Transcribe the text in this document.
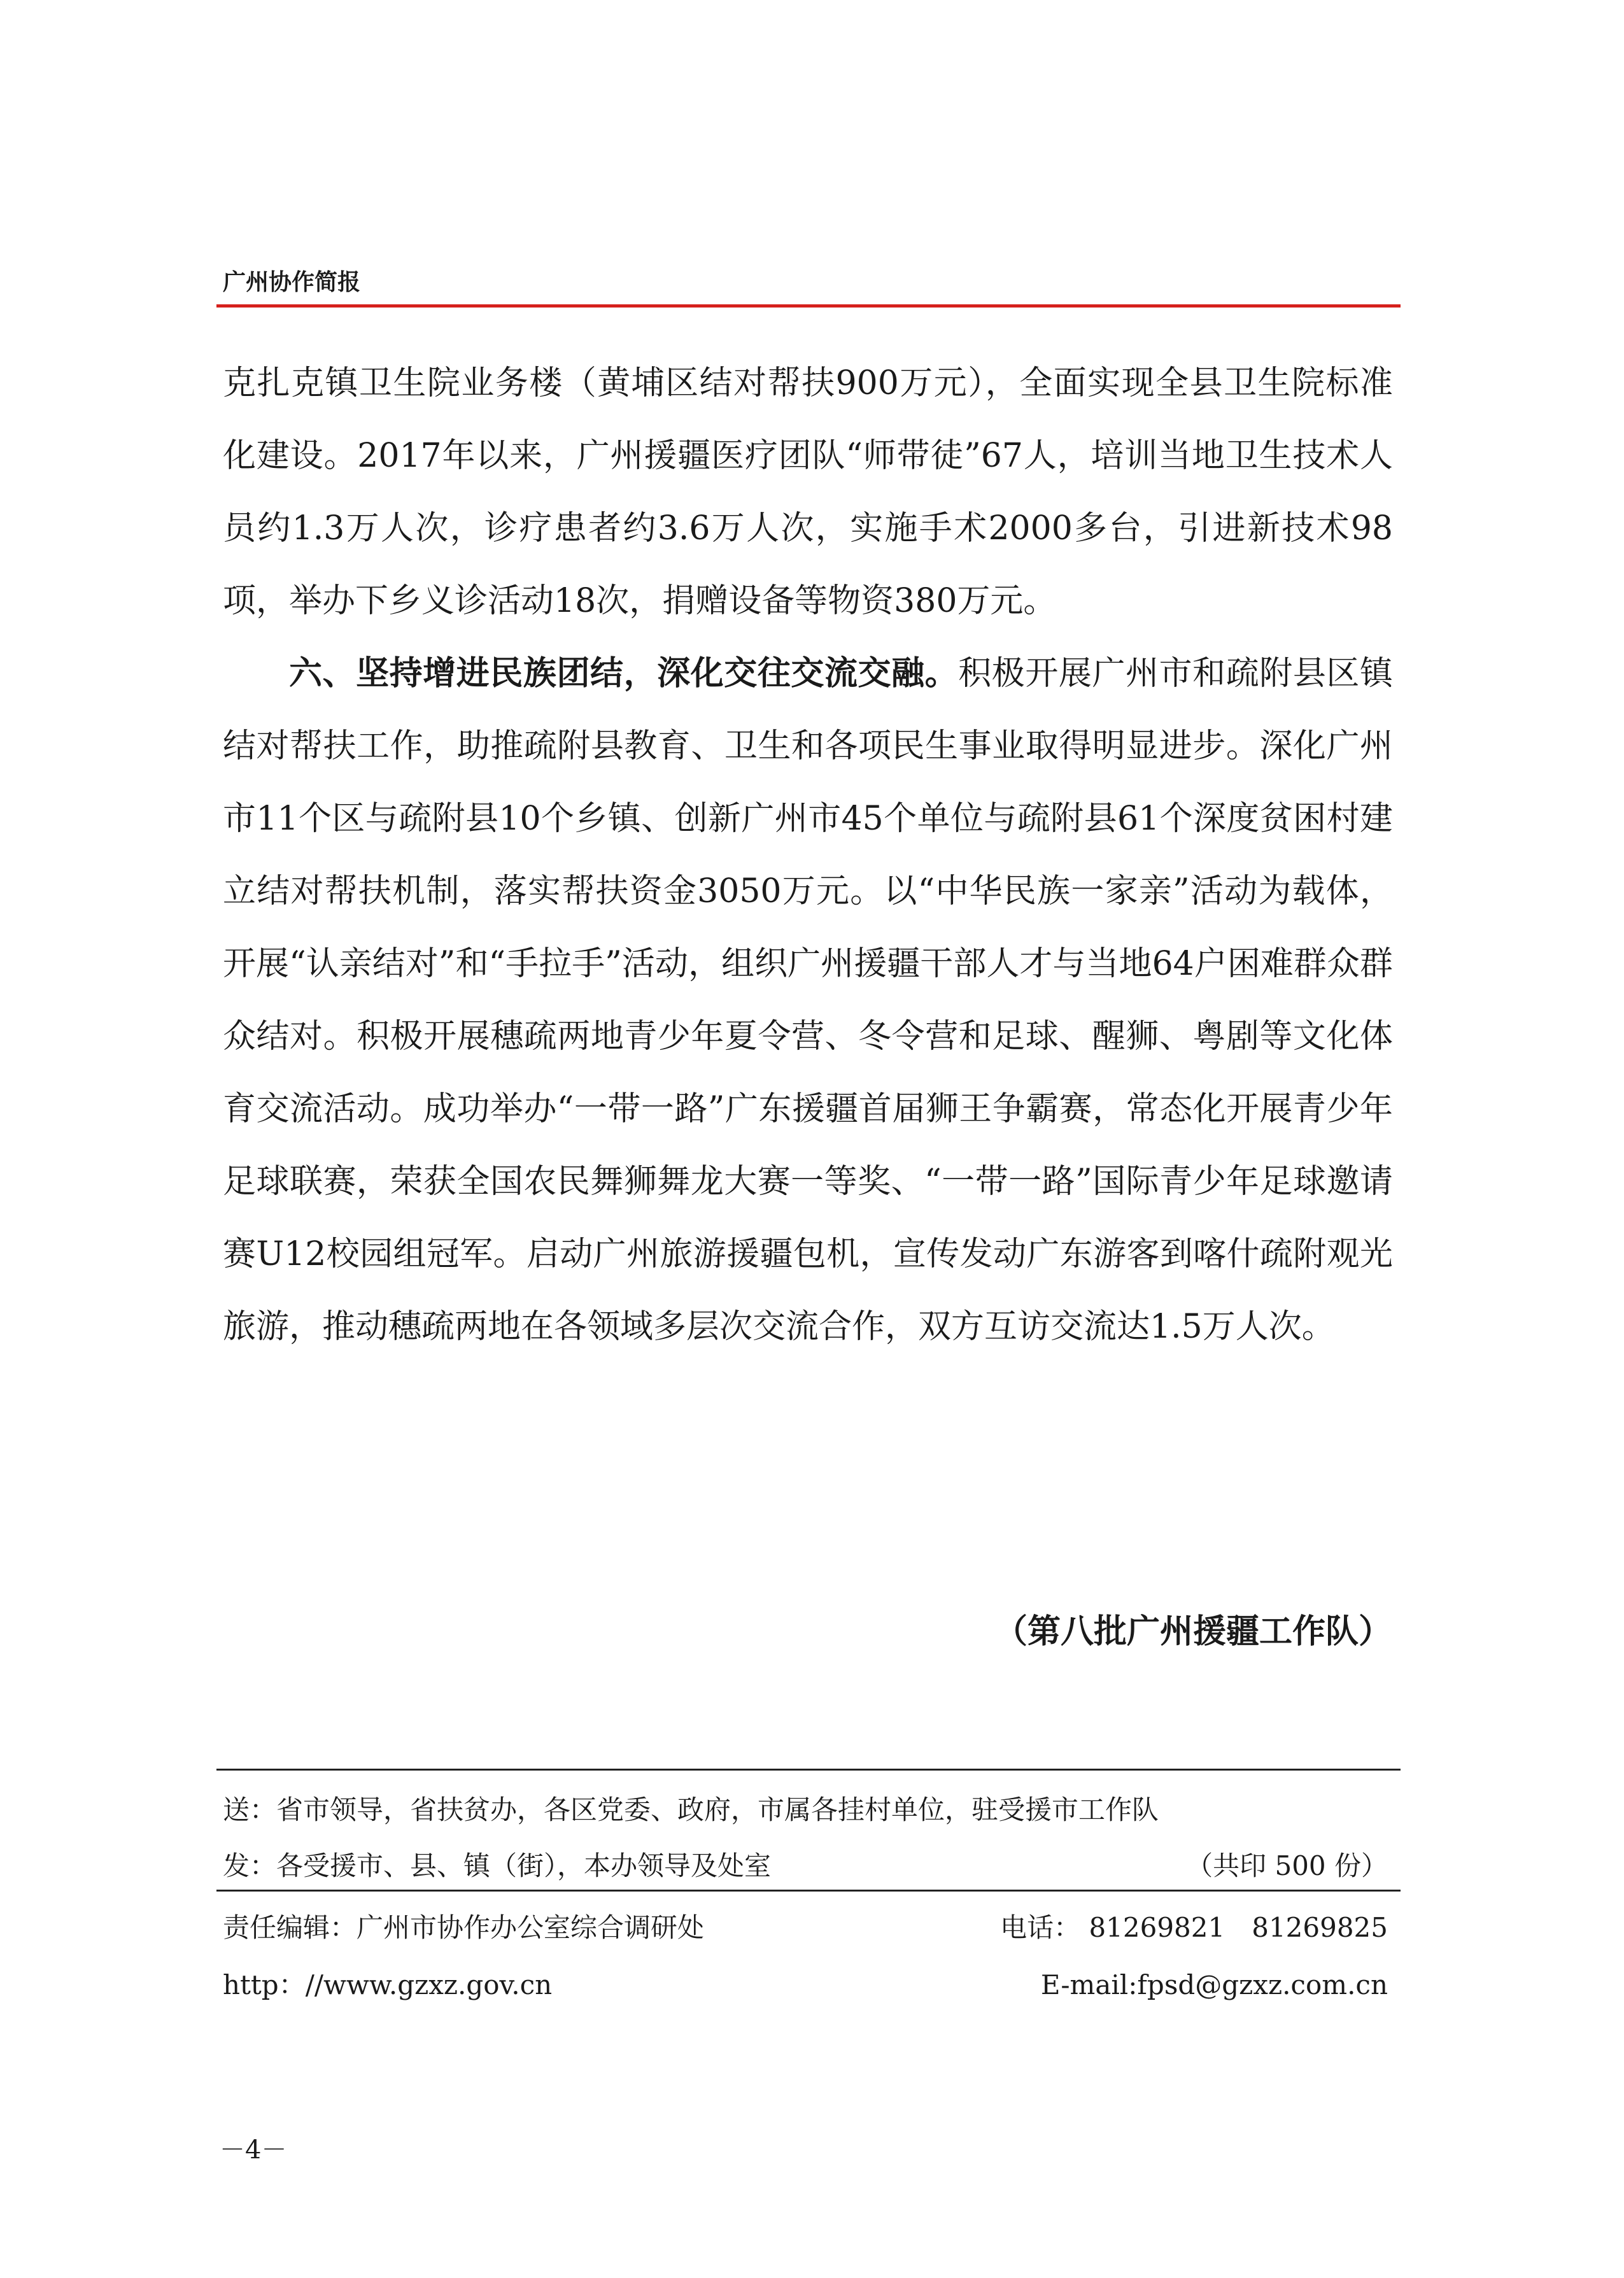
广州协作简报

克扎克镇卫生院业务楼（黄埔区结对帮扶900万元），全面实现全县卫生院标准化建设。2017年以来，广州援疆医疗团队“师带徒”67人，培训当地卫生技术人员约1.3万人次，诊疗患者约3.6万人次，实施手术2000多台，引进新技术98项，举办下乡义诊活动18次，捐赠设备等物资380万元。

六、坚持增进民族团结，深化交往交流交融。积极开展广州市和疏附县区镇结对帮扶工作，助推疏附县教育、卫生和各项民生事业取得明显进步。深化广州市11个区与疏附县10个乡镇、创新广州市45个单位与疏附县61个深度贫困村建立结对帮扶机制，落实帮扶资金3050万元。以“中华民族一家亲”活动为载体，开展“认亲结对”和“手拉手”活动，组织广州援疆干部人才与当地64户困难群众群众结对。积极开展穗疏两地青少年夏令营、冬令营和足球、醒狮、粤剧等文化体育交流活动。成功举办“一带一路”广东援疆首届狮王争霸赛，常态化开展青少年足球联赛，荣获全国农民舞狮舞龙大赛一等奖、“一带一路”国际青少年足球邀请赛U12校园组冠军。启动广州旅游援疆包机，宣传发动广东游客到喀什疏附观光旅游，推动穗疏两地在各领域多层次交流合作，双方互访交流达1.5万人次。

（第八批广州援疆工作队）
送：省市领导，省扶贫办，各区党委、政府，市属各挂村单位，驻受援市工作队
发：各受援市、县、镇（街），本办领导及处室	（共印 500 份）
责任编辑：广州市协作办公室综合调研处	电话： 81269821　81269825
http：//www.gzxz.gov.cn	E-mail:fpsd@gzxz.com.cn
－4－
